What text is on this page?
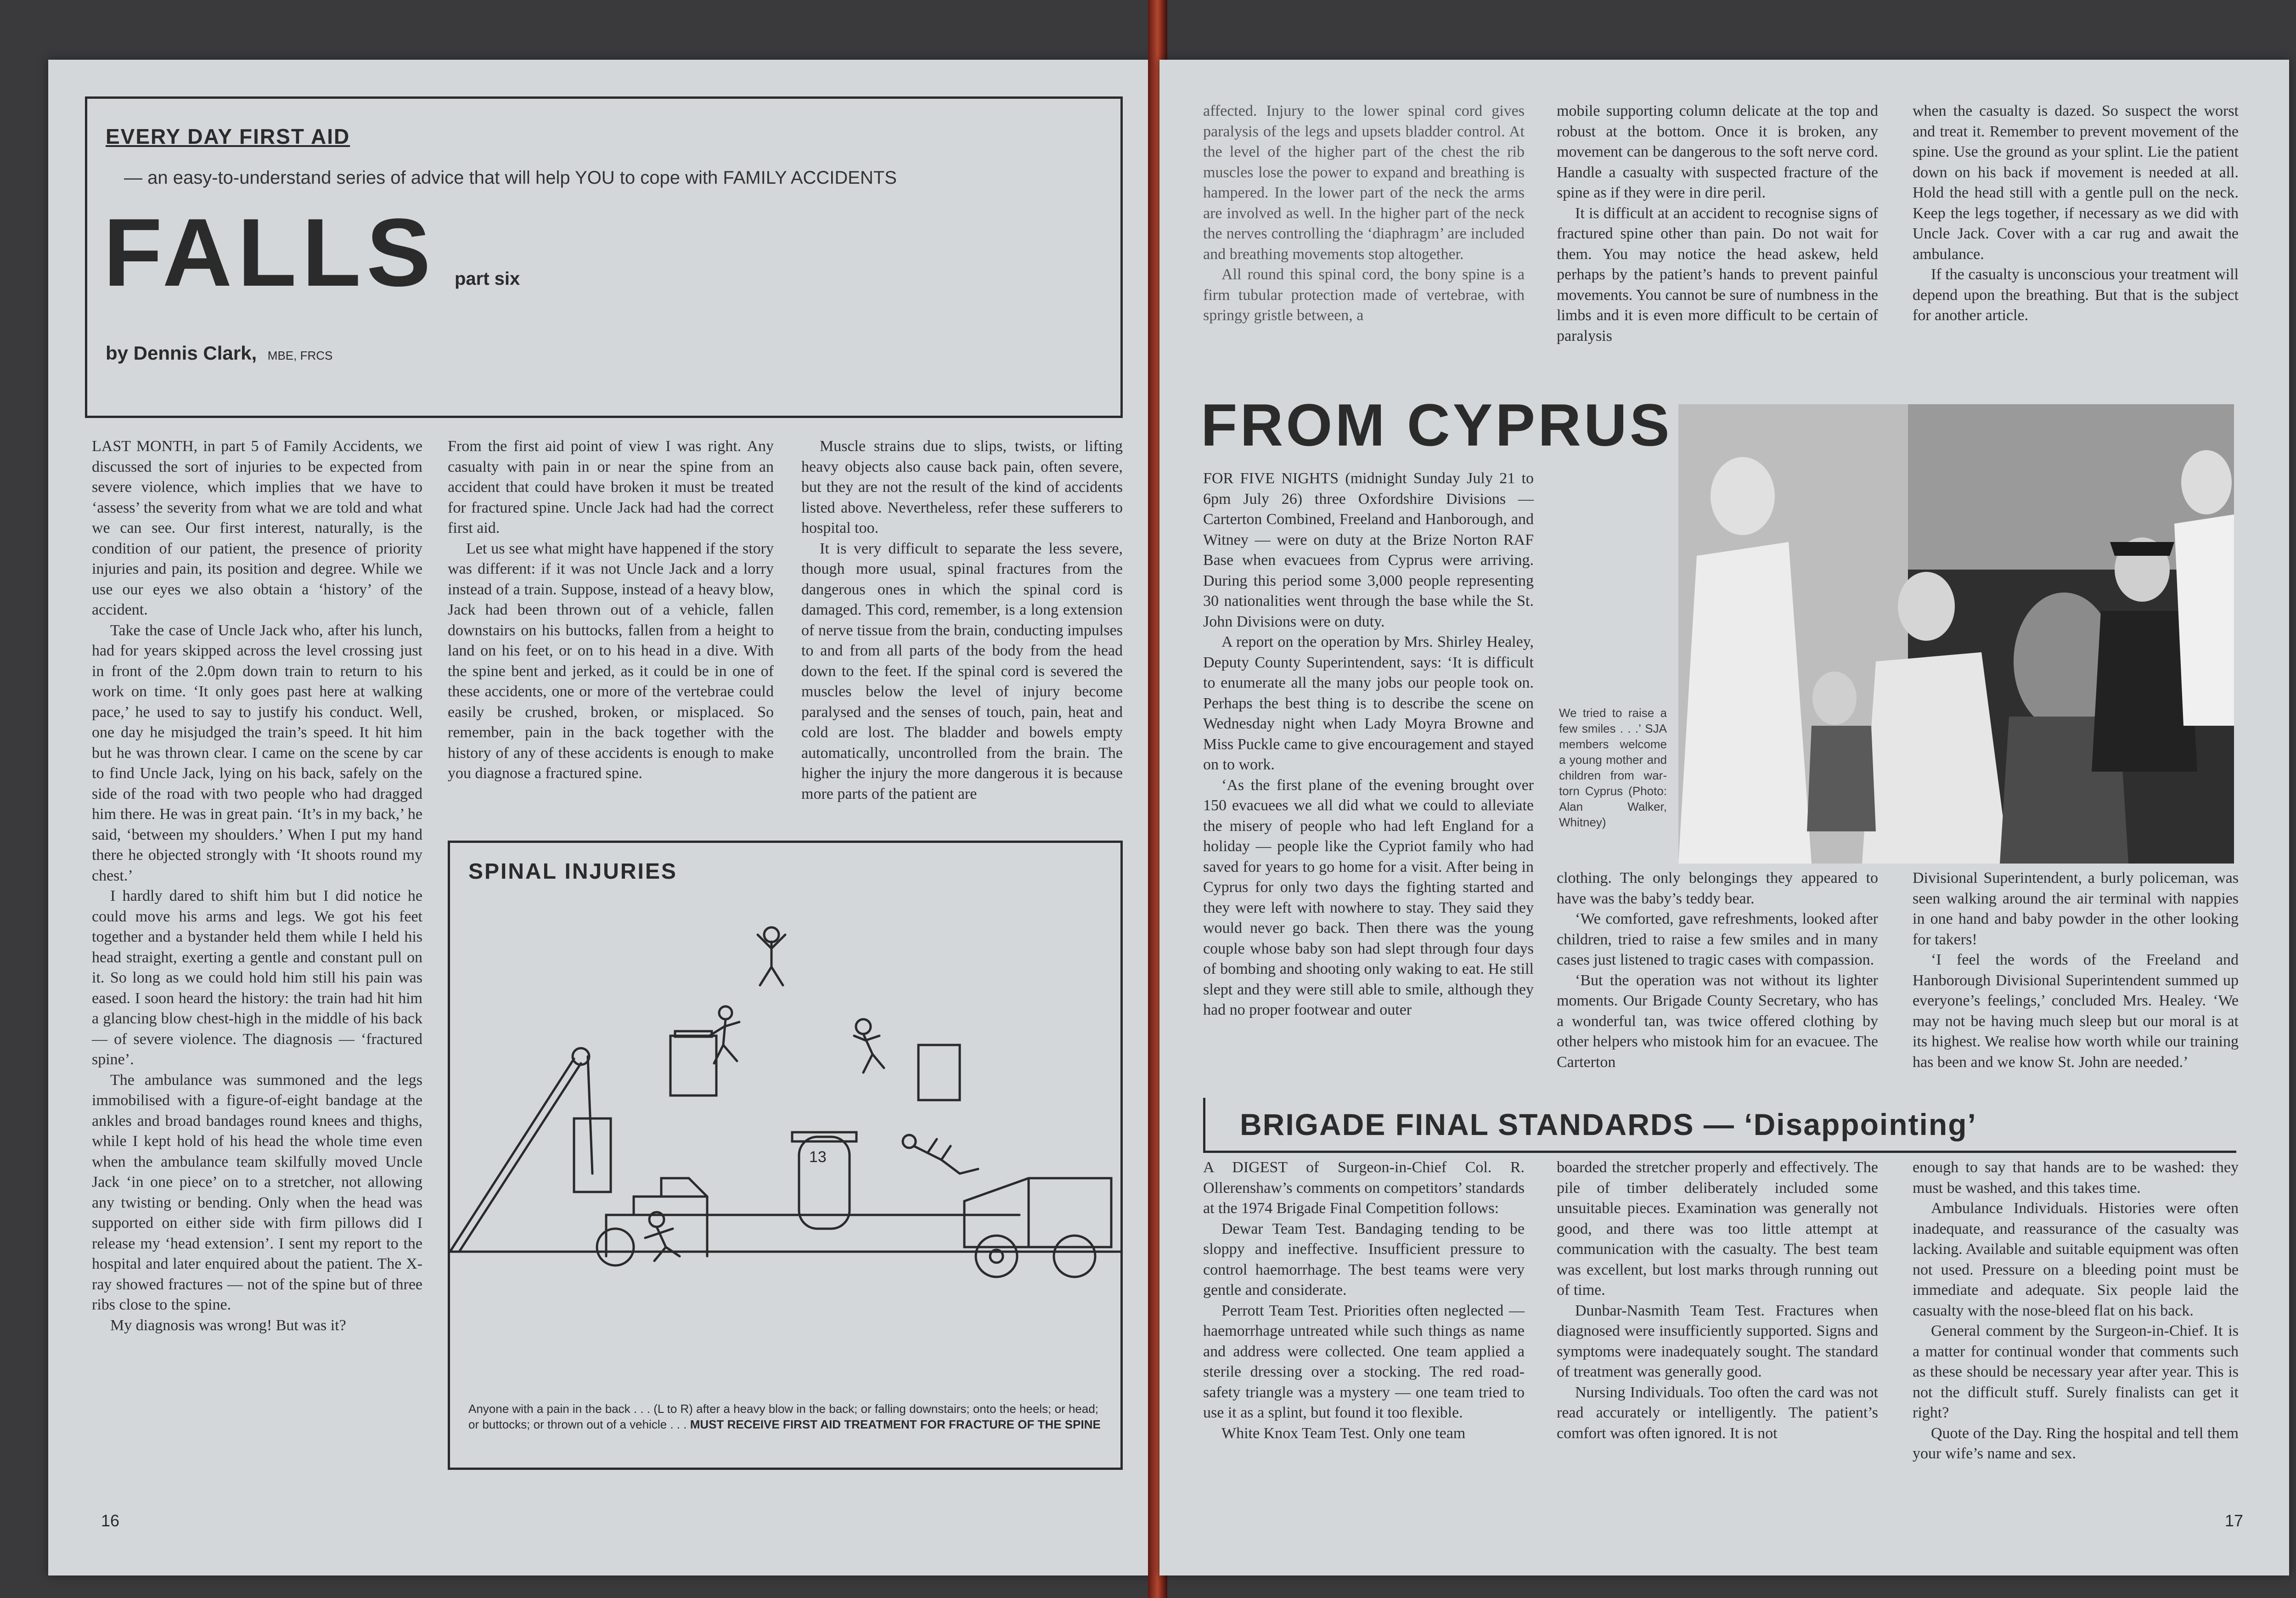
EVERY DAY FIRST AID
— an easy-to-understand series of advice that will help YOU to cope with FAMILY ACCIDENTS
FALLS part six
by Dennis Clark, MBE, FRCS

LAST MONTH, in part 5 of Family Accidents, we discussed the sort of injuries to be expected from severe violence, which implies that we have to ‘assess’ the severity from what we are told and what we can see. Our first interest, naturally, is the condition of our patient, the presence of priority injuries and pain, its position and degree. While we use our eyes we also obtain a ‘history’ of the accident.

Take the case of Uncle Jack who, after his lunch, had for years skipped across the level crossing just in front of the 2.0pm down train to return to his work on time. ‘It only goes past here at walking pace,’ he used to say to justify his conduct. Well, one day he misjudged the train’s speed. It hit him but he was thrown clear. I came on the scene by car to find Uncle Jack, lying on his back, safely on the side of the road with two people who had dragged him there. He was in great pain. ‘It’s in my back,’ he said, ‘between my shoulders.’ When I put my hand there he objected strongly with ‘It shoots round my chest.’

I hardly dared to shift him but I did notice he could move his arms and legs. We got his feet together and a bystander held them while I held his head straight, exerting a gentle and constant pull on it. So long as we could hold him still his pain was eased. I soon heard the history: the train had hit him a glancing blow chest-high in the middle of his back — of severe violence. The diagnosis — ‘fractured spine’.

The ambulance was summoned and the legs immobilised with a figure-of-eight bandage at the ankles and broad bandages round knees and thighs, while I kept hold of his head the whole time even when the ambulance team skilfully moved Uncle Jack ‘in one piece’ on to a stretcher, not allowing any twisting or bending. Only when the head was supported on either side with firm pillows did I release my ‘head extension’. I sent my report to the hospital and later enquired about the patient. The X-ray showed fractures — not of the spine but of three ribs close to the spine.

My diagnosis was wrong! But was it?

From the first aid point of view I was right. Any casualty with pain in or near the spine from an accident that could have broken it must be treated for fractured spine. Uncle Jack had had the correct first aid.

Let us see what might have happened if the story was different: if it was not Uncle Jack and a lorry instead of a train. Suppose, instead of a heavy blow, Jack had been thrown out of a vehicle, fallen downstairs on his buttocks, fallen from a height to land on his feet, or on to his head in a dive. With the spine bent and jerked, as it could be in one of these accidents, one or more of the vertebrae could easily be crushed, broken, or misplaced. So remember, pain in the back together with the history of any of these accidents is enough to make you diagnose a fractured spine.

Muscle strains due to slips, twists, or lifting heavy objects also cause back pain, often severe, but they are not the result of the kind of accidents listed above. Nevertheless, refer these sufferers to hospital too.

It is very difficult to separate the less severe, though more usual, spinal fractures from the dangerous ones in which the spinal cord is damaged. This cord, remember, is a long extension of nerve tissue from the brain, conducting impulses to and from all parts of the body from the head down to the feet. If the spinal cord is severed the muscles below the level of injury become paralysed and the senses of touch, pain, heat and cold are lost. The bladder and bowels empty automatically, uncontrolled from the brain. The higher the injury the more dangerous it is because more parts of the patient are

SPINAL INJURIES
13
Anyone with a pain in the back . . . (L to R) after a heavy blow in the back; or falling downstairs; onto the heels; or head; or buttocks; or thrown out of a vehicle . . . MUST RECEIVE FIRST AID TREATMENT FOR FRACTURE OF THE SPINE
16

affected. Injury to the lower spinal cord gives paralysis of the legs and upsets bladder control. At the level of the higher part of the chest the rib muscles lose the power to expand and breathing is hampered. In the lower part of the neck the arms are involved as well. In the higher part of the neck the nerves controlling the ‘diaphragm’ are included and breathing movements stop altogether.

All round this spinal cord, the bony spine is a firm tubular protection made of vertebrae, with springy gristle between, a

mobile supporting column delicate at the top and robust at the bottom. Once it is broken, any movement can be dangerous to the soft nerve cord. Handle a casualty with suspected fracture of the spine as if they were in dire peril.

It is difficult at an accident to recognise signs of fractured spine other than pain. Do not wait for them. You may notice the head askew, held perhaps by the patient’s hands to prevent painful movements. You cannot be sure of numbness in the limbs and it is even more difficult to be certain of paralysis

when the casualty is dazed. So suspect the worst and treat it. Remember to prevent movement of the spine. Use the ground as your splint. Lie the patient down on his back if movement is needed at all. Hold the head still with a gentle pull on the neck. Keep the legs together, if necessary as we did with Uncle Jack. Cover with a car rug and await the ambulance.

If the casualty is unconscious your treatment will depend upon the breathing. But that is the subject for another article.

FROM CYPRUS

FOR FIVE NIGHTS (midnight Sunday July 21 to 6pm July 26) three Oxfordshire Divisions — Carterton Combined, Freeland and Hanborough, and Witney — were on duty at the Brize Norton RAF Base when evacuees from Cyprus were arriving. During this period some 3,000 people representing 30 nationalities went through the base while the St. John Divisions were on duty.

A report on the operation by Mrs. Shirley Healey, Deputy County Superintendent, says: ‘It is difficult to enumerate all the many jobs our people took on. Perhaps the best thing is to describe the scene on Wednesday night when Lady Moyra Browne and Miss Puckle came to give encouragement and stayed on to work.

‘As the first plane of the evening brought over 150 evacuees we all did what we could to alleviate the misery of people who had left England for a holiday — people like the Cypriot family who had saved for years to go home for a visit. After being in Cyprus for only two days the fighting started and they were left with nowhere to stay. They said they would never go back. Then there was the young couple whose baby son had slept through four days of bombing and shooting only waking to eat. He still slept and they were still able to smile, although they had no proper footwear and outer

We tried to raise a few smiles . . .’ SJA members welcome a young mother and children from war-torn Cyprus (Photo: Alan Walker, Whitney)

clothing. The only belongings they appeared to have was the baby’s teddy bear.

‘We comforted, gave refreshments, looked after children, tried to raise a few smiles and in many cases just listened to tragic cases with compassion.

‘But the operation was not without its lighter moments. Our Brigade County Secretary, who has a wonderful tan, was twice offered clothing by other helpers who mistook him for an evacuee. The Carterton

Divisional Superintendent, a burly policeman, was seen walking around the air terminal with nappies in one hand and baby powder in the other looking for takers!

‘I feel the words of the Freeland and Hanborough Divisional Superintendent summed up everyone’s feelings,’ concluded Mrs. Healey. ‘We may not be having much sleep but our moral is at its highest. We realise how worth while our training has been and we know St. John are needed.’

BRIGADE FINAL STANDARDS — ‘Disappointing’

A DIGEST of Surgeon-in-Chief Col. R. Ollerenshaw’s comments on competitors’ standards at the 1974 Brigade Final Competition follows:

Dewar Team Test. Bandaging tending to be sloppy and ineffective. Insufficient pressure to control haemorrhage. The best teams were very gentle and considerate.

Perrott Team Test. Priorities often neglected — haemorrhage untreated while such things as name and address were collected. One team applied a sterile dressing over a stocking. The red road-safety triangle was a mystery — one team tried to use it as a splint, but found it too flexible.

White Knox Team Test. Only one team

boarded the stretcher properly and effectively. The pile of timber deliberately included some unsuitable pieces. Examination was generally not good, and there was too little attempt at communication with the casualty. The best team was excellent, but lost marks through running out of time.

Dunbar-Nasmith Team Test. Fractures when diagnosed were insufficiently supported. Signs and symptoms were inadequately sought. The standard of treatment was generally good.

Nursing Individuals. Too often the card was not read accurately or intelligently. The patient’s comfort was often ignored. It is not

enough to say that hands are to be washed: they must be washed, and this takes time.

Ambulance Individuals. Histories were often inadequate, and reassurance of the casualty was lacking. Available and suitable equipment was often not used. Pressure on a bleeding point must be immediate and adequate. Six people laid the casualty with the nose-bleed flat on his back.

General comment by the Surgeon-in-Chief. It is a matter for continual wonder that comments such as these should be necessary year after year. This is not the difficult stuff. Surely finalists can get it right?

Quote of the Day. Ring the hospital and tell them your wife’s name and sex.

17
